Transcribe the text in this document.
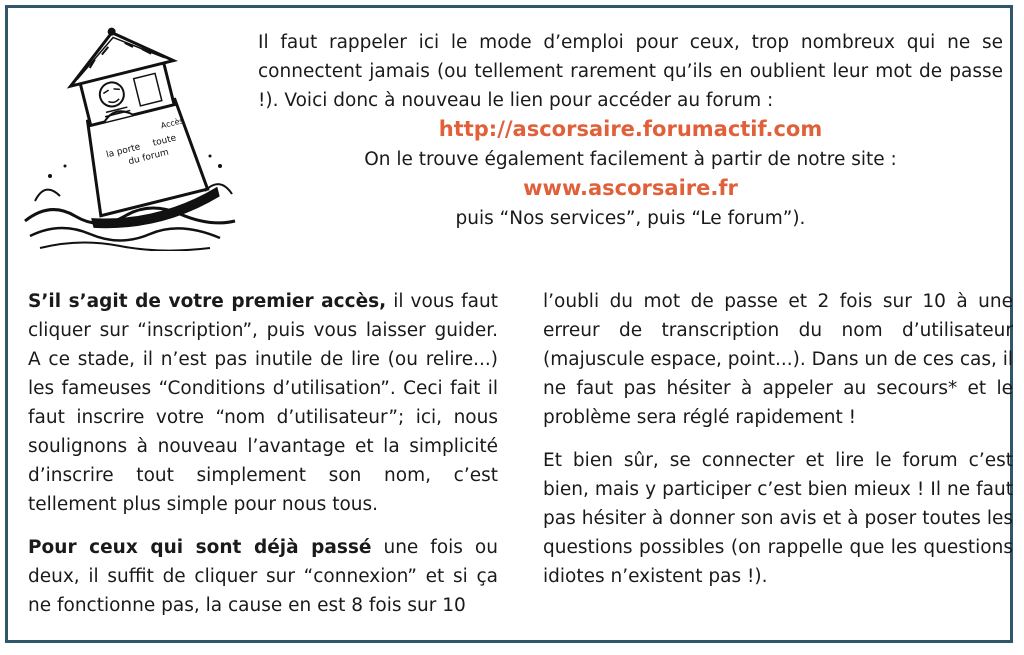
Accès
la porte
toute
du forum

Il faut rappeler ici le mode d’emploi pour ceux, trop nombreux qui ne se connectent jamais (ou tellement rarement qu’ils en oublient leur mot de passe !). Voici donc à nouveau le lien pour accéder au forum :

http://ascorsaire.forumactif.com

On le trouve également facilement à partir de notre site :

www.ascorsaire.fr

puis “Nos services”, puis “Le forum”).

S’il s’agit de votre premier accès, il vous faut cliquer sur “inscription”, puis vous laisser guider. A ce stade, il n’est pas inutile de lire (ou relire...) les fameuses “Conditions d’utilisation”. Ceci fait il faut inscrire votre “nom d’utilisateur”; ici, nous soulignons à nouveau l’avantage et la simplicité d’inscrire tout simplement son nom, c’est tellement plus simple pour nous tous.

Pour ceux qui sont déjà passé une fois ou deux, il suffit de cliquer sur “connexion” et si ça ne fonctionne pas, la cause en est 8 fois sur 10

l’oubli du mot de passe et 2 fois sur 10 à une erreur de transcription du nom d’utilisateur (majuscule espace, point...). Dans un de ces cas, il ne faut pas hésiter à appeler au secours* et le problème sera réglé rapidement !

Et bien sûr, se connecter et lire le forum c’est bien, mais y participer c’est bien mieux ! Il ne faut pas hésiter à donner son avis et à poser toutes les questions possibles (on rappelle que les questions idiotes n’existent pas !).
